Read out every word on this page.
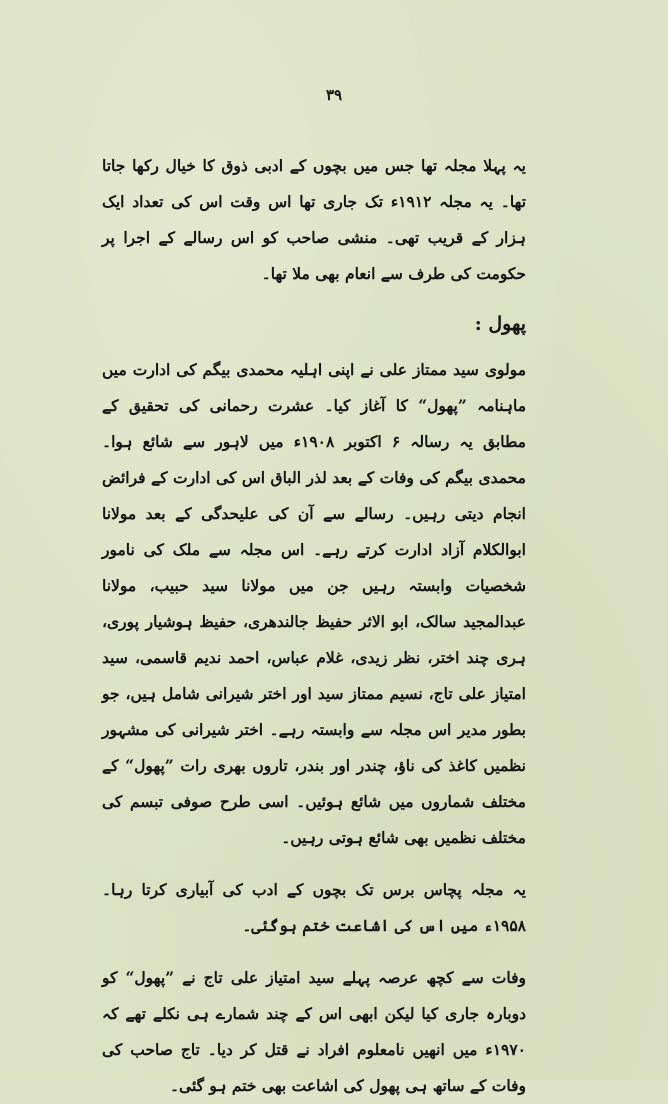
۳۹

یہ پہلا مجلہ تھا جس میں بچوں کے ادبی ذوق کا خیال رکھا جاتا تھا۔ یہ مجلہ ۱۹۱۲ء تک جاری تھا اس وقت اس کی تعداد ایک ہزار کے قریب تھی۔ منشی صاحب کو اس رسالے کے اجرا پر حکومت کی طرف سے انعام بھی ملا تھا۔

پھول :

مولوی سید ممتاز علی نے اپنی اہلیہ محمدی بیگم کی ادارت میں ماہنامہ ”پھول“ کا آغاز کیا۔ عشرت رحمانی کی تحقیق کے مطابق یہ رسالہ ۶ اکتوبر ۱۹۰۸ء میں لاہور سے شائع ہوا۔ محمدی بیگم کی وفات کے بعد لذر الباق اس کی ادارت کے فرائض انجام دیتی رہیں۔ رسالے سے آن کی علیحدگی کے بعد مولانا ابوالکلام آزاد ادارت کرتے رہے۔ اس مجلہ سے ملک کی نامور شخصیات وابستہ رہیں جن میں مولانا سید حبیب، مولانا عبدالمجید سالک، ابو الاثر حفیظ جالندھری، حفیظ ہوشیار پوری، ہری چند اختر، نظر زیدی، غلام عباس، احمد ندیم قاسمی، سید امتیاز علی تاج، نسیم ممتاز سید اور اختر شیرانی شامل ہیں، جو بطور مدیر اس مجلہ سے وابستہ رہے۔ اختر شیرانی کی مشہور نظمیں کاغذ کی ناؤ، چندر اور بندر، تاروں بھری رات ”پھول“ کے مختلف شماروں میں شائع ہوئیں۔ اسی طرح صوفی تبسم کی مختلف نظمیں بھی شائع ہوتی رہیں۔

یہ مجلہ پچاس برس تک بچوں کے ادب کی آبیاری کرتا رہا۔ ۱۹۵۸ء میں اس کی اشاعت ختم ہوگئی۔

وفات سے کچھ عرصہ پہلے سید امتیاز علی تاج نے ”پھول“ کو دوبارہ جاری کیا لیکن ابھی اس کے چند شمارے ہی نکلے تھے کہ ۱۹۷۰ء میں انھیں نامعلوم افراد نے قتل کر دیا۔ تاج صاحب کی وفات کے ساتھ ہی پھول کی اشاعت بھی ختم ہو گئی۔
